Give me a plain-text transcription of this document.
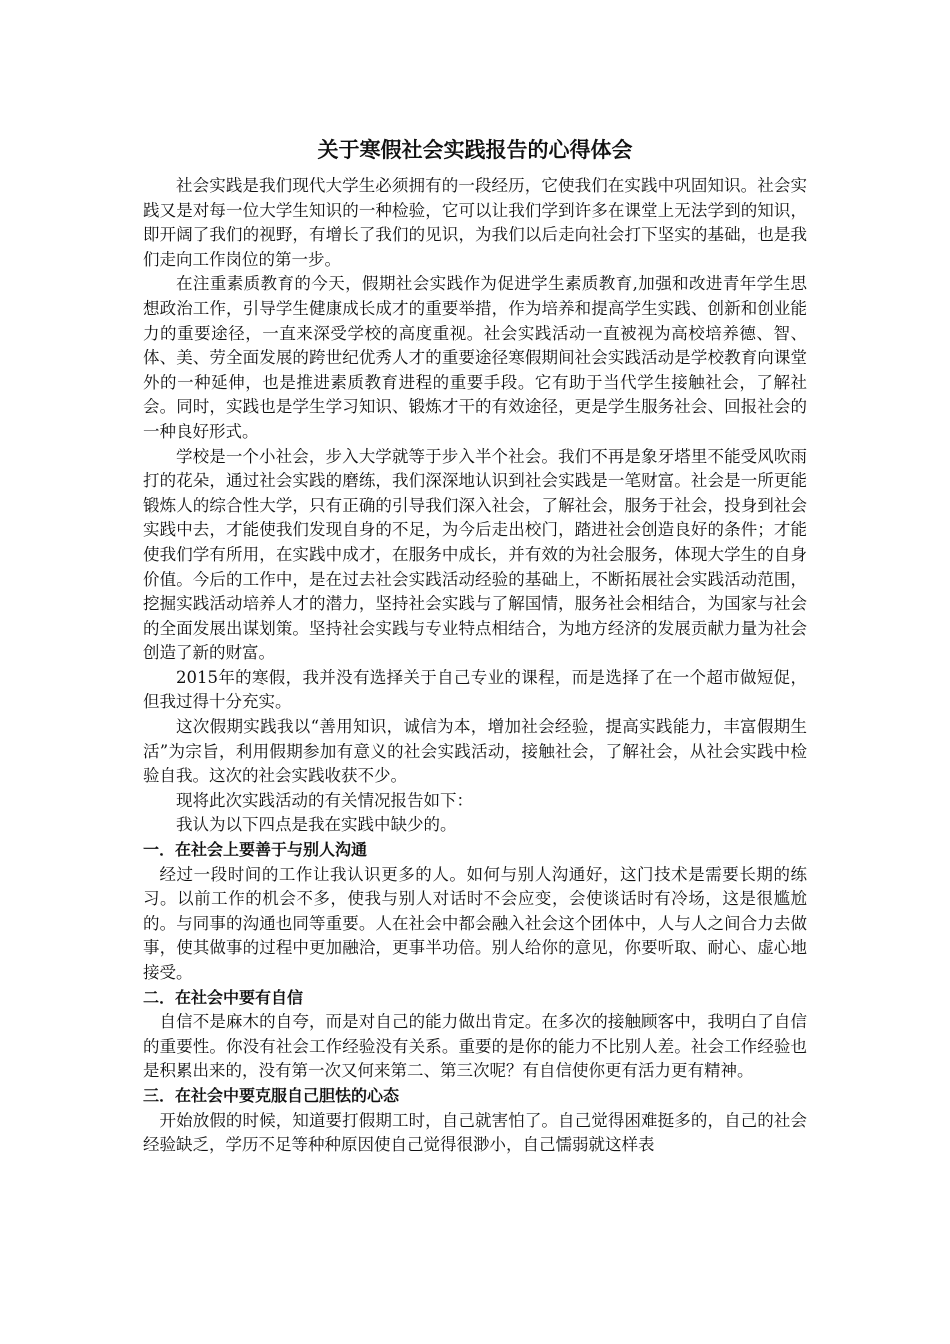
关于寒假社会实践报告的心得体会

社会实践是我们现代大学生必须拥有的一段经历，它使我们在实践中巩固知识。社会实践又是对每一位大学生知识的一种检验，它可以让我们学到许多在课堂上无法学到的知识，即开阔了我们的视野，有增长了我们的见识，为我们以后走向社会打下坚实的基础，也是我们走向工作岗位的第一步。

在注重素质教育的今天，假期社会实践作为促进学生素质教育,加强和改进青年学生思想政治工作，引导学生健康成长成才的重要举措，作为培养和提高学生实践、创新和创业能力的重要途径，一直来深受学校的高度重视。社会实践活动一直被视为高校培养德、智、体、美、劳全面发展的跨世纪优秀人才的重要途径寒假期间社会实践活动是学校教育向课堂外的一种延伸，也是推进素质教育进程的重要手段。它有助于当代学生接触社会，了解社会。同时，实践也是学生学习知识、锻炼才干的有效途径，更是学生服务社会、回报社会的一种良好形式。

学校是一个小社会，步入大学就等于步入半个社会。我们不再是象牙塔里不能受风吹雨打的花朵，通过社会实践的磨练，我们深深地认识到社会实践是一笔财富。社会是一所更能锻炼人的综合性大学，只有正确的引导我们深入社会，了解社会，服务于社会，投身到社会实践中去，才能使我们发现自身的不足，为今后走出校门，踏进社会创造良好的条件；才能使我们学有所用，在实践中成才，在服务中成长，并有效的为社会服务，体现大学生的自身价值。今后的工作中，是在过去社会实践活动经验的基础上，不断拓展社会实践活动范围，挖掘实践活动培养人才的潜力，坚持社会实践与了解国情，服务社会相结合，为国家与社会的全面发展出谋划策。坚持社会实践与专业特点相结合，为地方经济的发展贡献力量为社会创造了新的财富。

2015年的寒假，我并没有选择关于自己专业的课程，而是选择了在一个超市做短促，但我过得十分充实。

这次假期实践我以“善用知识，诚信为本，增加社会经验，提高实践能力，丰富假期生活”为宗旨，利用假期参加有意义的社会实践活动，接触社会，了解社会，从社会实践中检验自我。这次的社会实践收获不少。

现将此次实践活动的有关情况报告如下：

我认为以下四点是我在实践中缺少的。

一．在社会上要善于与别人沟通

经过一段时间的工作让我认识更多的人。如何与别人沟通好，这门技术是需要长期的练习。以前工作的机会不多，使我与别人对话时不会应变，会使谈话时有冷场，这是很尴尬的。与同事的沟通也同等重要。人在社会中都会融入社会这个团体中，人与人之间合力去做事，使其做事的过程中更加融洽，更事半功倍。别人给你的意见，你要听取、耐心、虚心地接受。

二．在社会中要有自信

自信不是麻木的自夸，而是对自己的能力做出肯定。在多次的接触顾客中，我明白了自信的重要性。你没有社会工作经验没有关系。重要的是你的能力不比别人差。社会工作经验也是积累出来的，没有第一次又何来第二、第三次呢？有自信使你更有活力更有精神。

三．在社会中要克服自己胆怯的心态

开始放假的时候，知道要打假期工时，自己就害怕了。自己觉得困难挺多的，自己的社会经验缺乏，学历不足等种种原因使自己觉得很渺小，自己懦弱就这样表
